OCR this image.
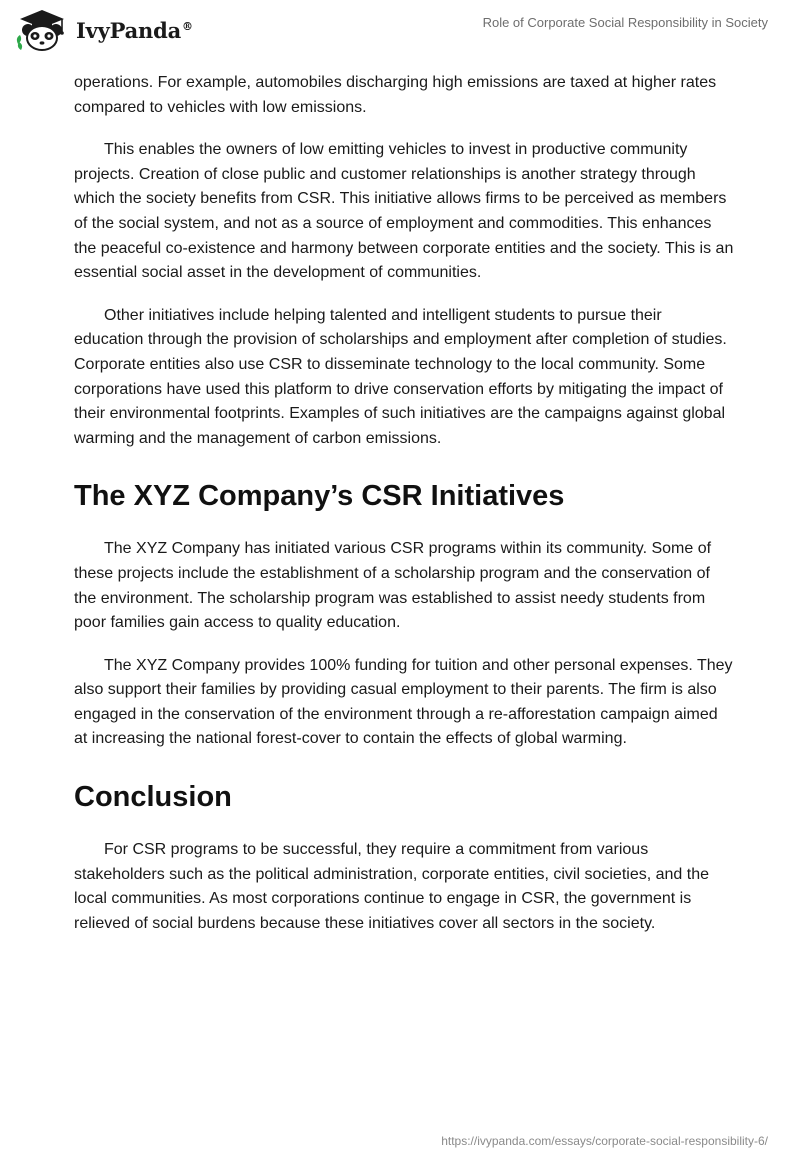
IvyPanda®	Role of Corporate Social Responsibility in Society

operations. For example, automobiles discharging high emissions are taxed at higher rates compared to vehicles with low emissions.

This enables the owners of low emitting vehicles to invest in productive community projects. Creation of close public and customer relationships is another strategy through which the society benefits from CSR. This initiative allows firms to be perceived as members of the social system, and not as a source of employment and commodities. This enhances the peaceful co-existence and harmony between corporate entities and the society. This is an essential social asset in the development of communities.

Other initiatives include helping talented and intelligent students to pursue their education through the provision of scholarships and employment after completion of studies. Corporate entities also use CSR to disseminate technology to the local community. Some corporations have used this platform to drive conservation efforts by mitigating the impact of their environmental footprints. Examples of such initiatives are the campaigns against global warming and the management of carbon emissions.

The XYZ Company’s CSR Initiatives

The XYZ Company has initiated various CSR programs within its community. Some of these projects include the establishment of a scholarship program and the conservation of the environment. The scholarship program was established to assist needy students from poor families gain access to quality education.

The XYZ Company provides 100% funding for tuition and other personal expenses. They also support their families by providing casual employment to their parents. The firm is also engaged in the conservation of the environment through a re-afforestation campaign aimed at increasing the national forest-cover to contain the effects of global warming.

Conclusion

For CSR programs to be successful, they require a commitment from various stakeholders such as the political administration, corporate entities, civil societies, and the local communities. As most corporations continue to engage in CSR, the government is relieved of social burdens because these initiatives cover all sectors in the society.

https://ivypanda.com/essays/corporate-social-responsibility-6/
